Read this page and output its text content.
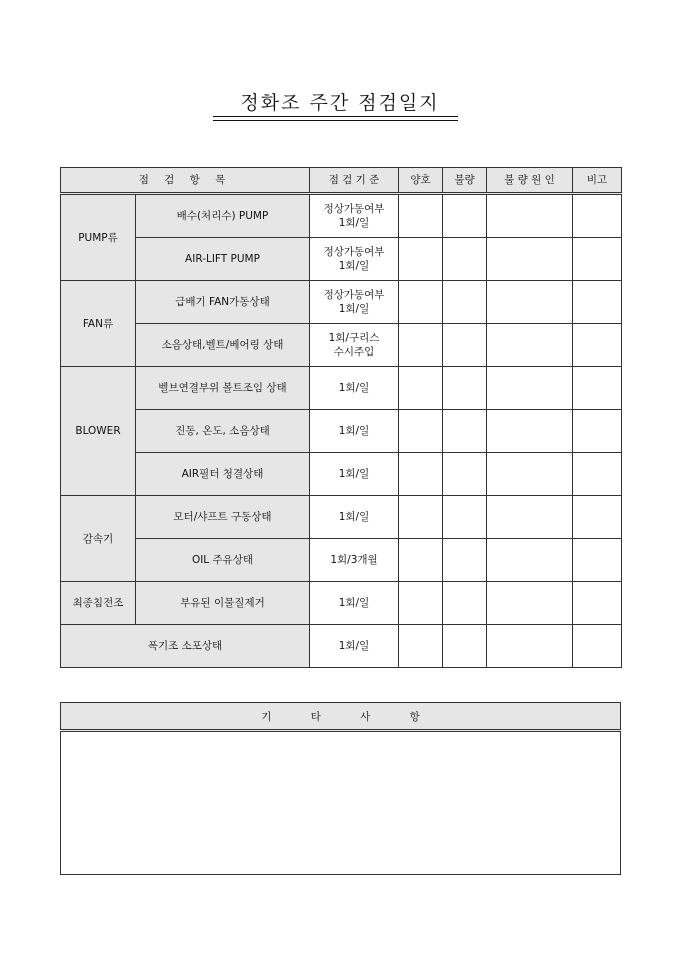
정화조 주간 점검일지
점 검 항 목		점 검 기 준	양호	불량	불 량 원 인	비고
PUMP류	배수(처리수) PUMP	정상가동여부
1회/일				
	AIR-LIFT PUMP	정상가동여부
1회/일				
FAN류	급배기 FAN가동상태	정상가동여부
1회/일				
	소음상태,벨트/베어링 상태	1회/구리스
수시주입				
BLOWER	벨브연결부위 볼트조임 상태	1회/일				
	진동, 온도, 소음상태	1회/일				
	AIR필터 청결상태	1회/일				
감속기	모터/샤프트 구동상태	1회/일				
	OIL 주유상태	1회/3개월				
최종침전조	부유된 이물질제거	1회/일				
폭기조 소포상태		1회/일				
기 타 사 항
